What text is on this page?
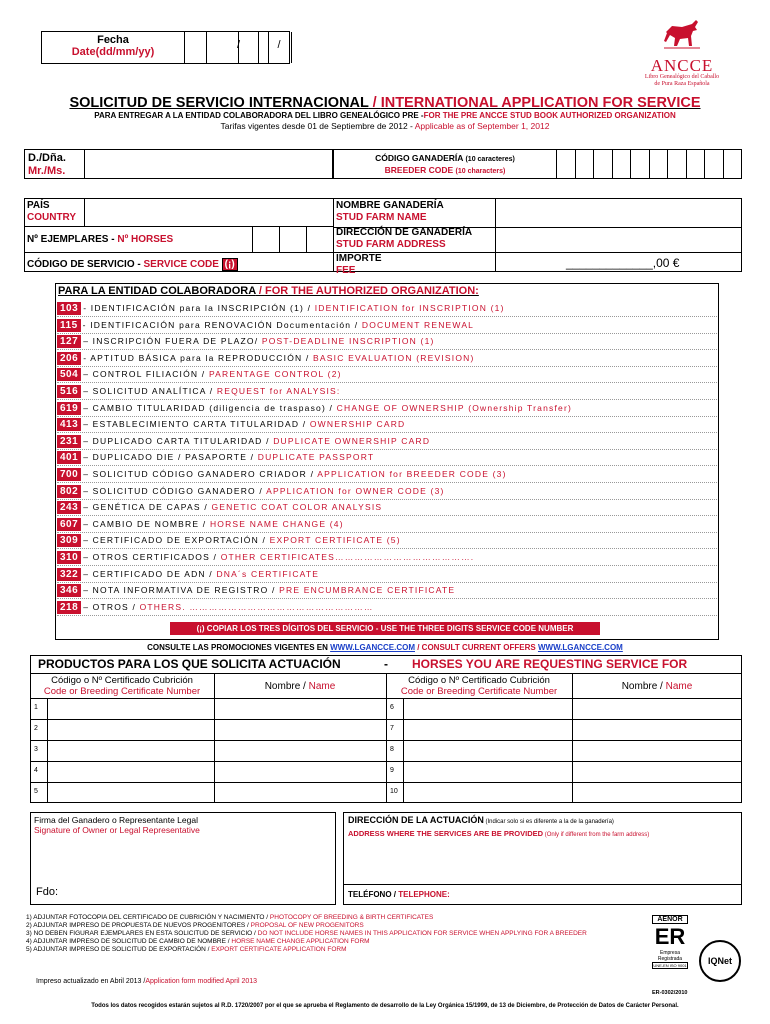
Fecha
Date(dd/mm/yy)
/	/
ANCCE
Libro Genealógico del Caballo
de Pura Raza Española
SOLICITUD DE SERVICIO INTERNACIONAL / INTERNATIONAL APPLICATION FOR SERVICE
PARA ENTREGAR A LA ENTIDAD COLABORADORA DEL LIBRO GENEALÓGICO PRE -FOR THE PRE ANCCE STUD BOOK AUTHORIZED ORGANIZATION
Tarifas vigentes desde 01 de Septiembre de 2012 - Applicable as of September 1, 2012
D./Dña.
Mr./Ms.
CÓDIGO GANADERÍA (10 caracteres)
BREEDER CODE (10 characters)
PAÍS
COUNTRY
Nº EJEMPLARES - Nº HORSES
CÓDIGO DE SERVICIO - SERVICE CODE (¡)
NOMBRE GANADERÍA
STUD FARM NAME
DIRECCIÓN DE GANADERÍA
STUD FARM ADDRESS
IMPORTE
FEE
_____________,00 €
PARA LA ENTIDAD COLABORADORA / FOR THE AUTHORIZED ORGANIZATION:
103 - IDENTIFICACIÓN para la INSCRIPCIÓN (1) / IDENTIFICATION for INSCRIPTION (1)
115 - IDENTIFICACIÓN para RENOVACIÓN Documentación / DOCUMENT RENEWAL
127 – INSCRIPCIÓN FUERA DE PLAZO/ POST-DEADLINE INSCRIPTION (1)
206 - APTITUD BÁSICA para la REPRODUCCIÓN / BASIC EVALUATION (REVISION)
504 – CONTROL FILIACIÓN / PARENTAGE CONTROL (2)
516 – SOLICITUD ANALÍTICA / REQUEST for ANALYSIS:
619 – CAMBIO TITULARIDAD (diligencia de traspaso) / CHANGE OF OWNERSHIP (Ownership Transfer)
413 – ESTABLECIMIENTO CARTA TITULARIDAD / OWNERSHIP CARD
231 – DUPLICADO CARTA TITULARIDAD / DUPLICATE OWNERSHIP CARD
401 – DUPLICADO DIE / PASAPORTE / DUPLICATE PASSPORT
700 – SOLICITUD CÓDIGO GANADERO CRIADOR / APPLICATION for BREEDER CODE (3)
802 – SOLICITUD CÓDIGO GANADERO / APPLICATION for OWNER CODE (3)
243 – GENÉTICA DE CAPAS / GENETIC COAT COLOR ANALYSIS
607 – CAMBIO DE NOMBRE / HORSE NAME CHANGE (4)
309 – CERTIFICADO DE EXPORTACIÓN / EXPORT CERTIFICATE (5)
310 – OTROS CERTIFICADOS / OTHER CERTIFICATES…………………………………….
322 – CERTIFICADO DE ADN / DNA´s CERTIFICATE
346 – NOTA INFORMATIVA DE REGISTRO / PRE ENCUMBRANCE CERTIFICATE
218 – OTROS / OTHERS. …………………………………………………
(¡) COPIAR LOS TRES DÍGITOS DEL SERVICIO - USE THE THREE DIGITS SERVICE CODE NUMBER
CONSULTE LAS PROMOCIONES VIGENTES EN WWW.LGANCCE.COM / CONSULT CURRENT OFFERS WWW.LGANCCE.COM
PRODUCTOS PARA LOS QUE SOLICITA ACTUACIÓN	- HORSES YOU ARE REQUESTING SERVICE FOR
Código o Nº Certificado Cubrición
Code or Breeding Certificate Number	Nombre / Name
Código o Nº Certificado Cubrición
Code or Breeding Certificate Number	Nombre / Name
1	6
2	7
3	8
4	9
5	10
Firma del Ganadero o Representante Legal
Signature of Owner or Legal Representative
Fdo:
DIRECCIÓN DE LA ACTUACIÓN (Indicar solo si es diferente a la de la ganadería)
ADDRESS WHERE THE SERVICES ARE BE PROVIDED (Only if different from the farm address)
TELÉFONO / TELEPHONE:
1) ADJUNTAR FOTOCOPIA DEL CERTIFICADO DE CUBRICIÓN Y NACIMIENTO / PHOTOCOPY OF BREEDING & BIRTH CERTIFICATES
2) ADJUNTAR IMPRESO DE PROPUESTA DE NUEVOS PROGENITORES / PROPOSAL OF NEW PROGENITORS
3) NO DEBEN FIGURAR EJEMPLARES EN ESTA SOLICITUD DE SERVICIO / DO NOT INCLUDE HORSE NAMES IN THIS APPLICATION FOR SERVICE WHEN APPLYING FOR A BREEDER
4) ADJUNTAR IMPRESO DE SOLICITUD DE CAMBIO DE NOMBRE / HORSE NAME CHANGE APPLICATION FORM
5) ADJUNTAR IMPRESO DE SOLICITUD DE EXPORTACIÓN / EXPORT CERTIFICATE APPLICATION FORM
Impreso actualizado en Abril 2013 /Application form modified April 2013
AENOR
ER
Empresa
Registrada
UNE-EN ISO 9001	IQNet
ER-0302/2010
Todos los datos recogidos estarán sujetos al R.D. 1720/2007 por el que se aprueba el Reglamento de desarrollo de la Ley Orgánica 15/1999, de 13 de Diciembre, de Protección de Datos de Carácter Personal.
